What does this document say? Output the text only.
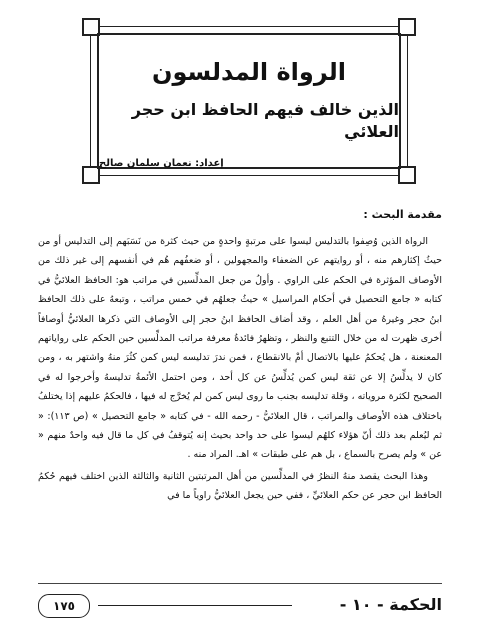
الرواة المدلسون
الذين خالف فيهم الحافظ ابن حجر العلائي
إعداد: نعمان سلمان صالح
مقدمة البحث :

الرواة الذين وُصِفوا بالتدليس ليسوا على مرتبةٍ واحدةٍ من حيث كثرة من نَسَبَهم إلى التدليس أو من حيثُ إكثارهم منه ، أو روايتهم عن الضعفاء والمجهولين ، أو ضعفُهم هُم في أنفسهم إلى غير ذلك من الأوصاف المؤثرة في الحكم على الراوي . وأولُ من جعل المدلِّسين في مراتب هو: الحافظ العلائيُّ في كتابه « جامع التحصيل في أحكام المراسيل » حيثُ جعلهُم في خمس مراتب ، وتبعهُ على ذلك الحافظ ابنُ حجر وغيرهُ من أهل العلم ، وقد أضاف الحافظ ابنُ حجر إلى الأوصاف التي ذكرها العلائيُّ أوصافاً أخرى ظهرت له من خلال التتبع والنظر ، وتظهرُ فائدةُ معرفة مراتب المدلِّسين حين الحكم على رواياتهم المعنعنة ، هل يُحكمُ عليها بالاتصال أمْ بالانقطاع ، فمن ندرَ تدليسه ليس كمن كثُرَ منهُ واشتهر به ، ومن كان لا يدلِّسُ إلا عن ثقة ليس كمن يُدلِّسُ عن كل أحد ، ومن احتمل الأئمةُ تدليسهُ وأخرجوا له في الصحيح لكثرة مروياته ، وقلة تدليسه بجنب ما روى ليس كمن لم يُخرَّج له فيها ، فالحكمُ عليهم إذا يختلفُ باختلاف هذه الأوصاف والمراتب ، قال العلائيُّ - رحمه الله - في كتابه « جامع التحصيل » (ص ١١٣): « ثم ليُعلم بعد ذلك أنّ هؤلاء كلهُم ليسوا على حد واحد بحيث إنه يُتوقفُ في كل ما قال فيه واحدٌ منهم « عن » ولم يصرح بالسماع ، بل هم على طبقات » اهـ. المراد منه .

وهذا البحث يقصد منهُ النظرُ في المدلِّسين من أهل المرتبتين الثانية والثالثة الذين اختلف فيهم حُكمُ الحافظ ابن حجر عن حكم العلائيِّ ، ففي حين يجعل العلائيُّ راوياً ما في

الحكمة - ١٠ -
١٧٥
